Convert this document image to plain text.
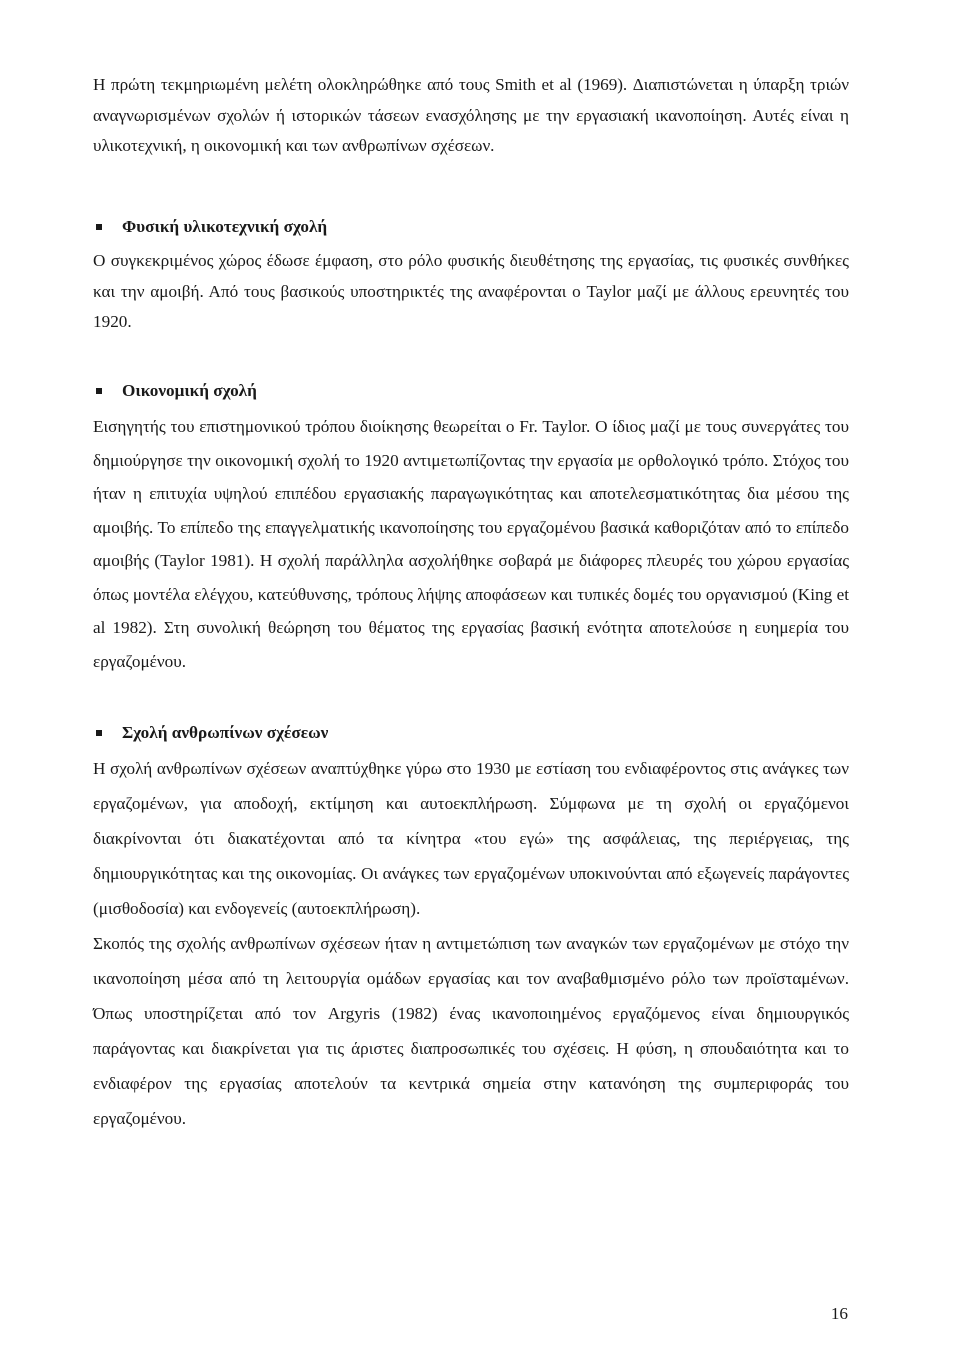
Η πρώτη τεκμηριωμένη μελέτη ολοκληρώθηκε από τους Smith et al (1969). Διαπιστώνεται η ύπαρξη τριών αναγνωρισμένων σχολών ή ιστορικών τάσεων ενασχόλησης με την εργασιακή ικανοποίηση. Αυτές είναι η υλικοτεχνική, η οικονομική και των ανθρωπίνων σχέσεων.

Φυσική υλικοτεχνική σχολή

Ο συγκεκριμένος χώρος έδωσε έμφαση, στο ρόλο φυσικής διευθέτησης της εργασίας, τις φυσικές συνθήκες και την αμοιβή. Από τους βασικούς υποστηρικτές της αναφέρονται ο Taylor μαζί με άλλους ερευνητές του 1920.

Οικονομική σχολή

Εισηγητής του επιστημονικού τρόπου διοίκησης θεωρείται ο Fr. Taylor. Ο ίδιος μαζί με τους συνεργάτες του δημιούργησε την οικονομική σχολή το 1920 αντιμετωπίζοντας την εργασία με ορθολογικό τρόπο. Στόχος του ήταν η επιτυχία υψηλού επιπέδου εργασιακής παραγωγικότητας και αποτελεσματικότητας δια μέσου της αμοιβής. Το επίπεδο της επαγγελματικής ικανοποίησης του εργαζομένου βασικά καθοριζόταν από το επίπεδο αμοιβής (Taylor 1981). Η σχολή παράλληλα ασχολήθηκε σοβαρά με διάφορες πλευρές του χώρου εργασίας όπως μοντέλα ελέγχου, κατεύθυνσης, τρόπους λήψης αποφάσεων και τυπικές δομές του οργανισμού (King et al 1982). Στη συνολική θεώρηση του θέματος της εργασίας βασική ενότητα αποτελούσε η ευημερία του εργαζομένου.

Σχολή ανθρωπίνων σχέσεων

Η σχολή ανθρωπίνων σχέσεων αναπτύχθηκε γύρω στο 1930 με εστίαση του ενδιαφέροντος στις ανάγκες των εργαζομένων, για αποδοχή, εκτίμηση και αυτοεκπλήρωση. Σύμφωνα με τη σχολή οι εργαζόμενοι διακρίνονται ότι διακατέχονται από τα κίνητρα «του εγώ» της ασφάλειας, της περιέργειας, της δημιουργικότητας και της οικονομίας. Οι ανάγκες των εργαζομένων υποκινούνται από εξωγενείς παράγοντες (μισθοδοσία) και ενδογενείς (αυτοεκπλήρωση).

Σκοπός της σχολής ανθρωπίνων σχέσεων ήταν η αντιμετώπιση των αναγκών των εργαζομένων με στόχο την ικανοποίηση μέσα από τη λειτουργία ομάδων εργασίας και τον αναβαθμισμένο ρόλο των προϊσταμένων. Όπως υποστηρίζεται από τον Argyris (1982) ένας ικανοποιημένος εργαζόμενος είναι δημιουργικός παράγοντας και διακρίνεται για τις άριστες διαπροσωπικές του σχέσεις. Η φύση, η σπουδαιότητα και το ενδιαφέρον της εργασίας αποτελούν τα κεντρικά σημεία στην κατανόηση της συμπεριφοράς του εργαζομένου.

16
